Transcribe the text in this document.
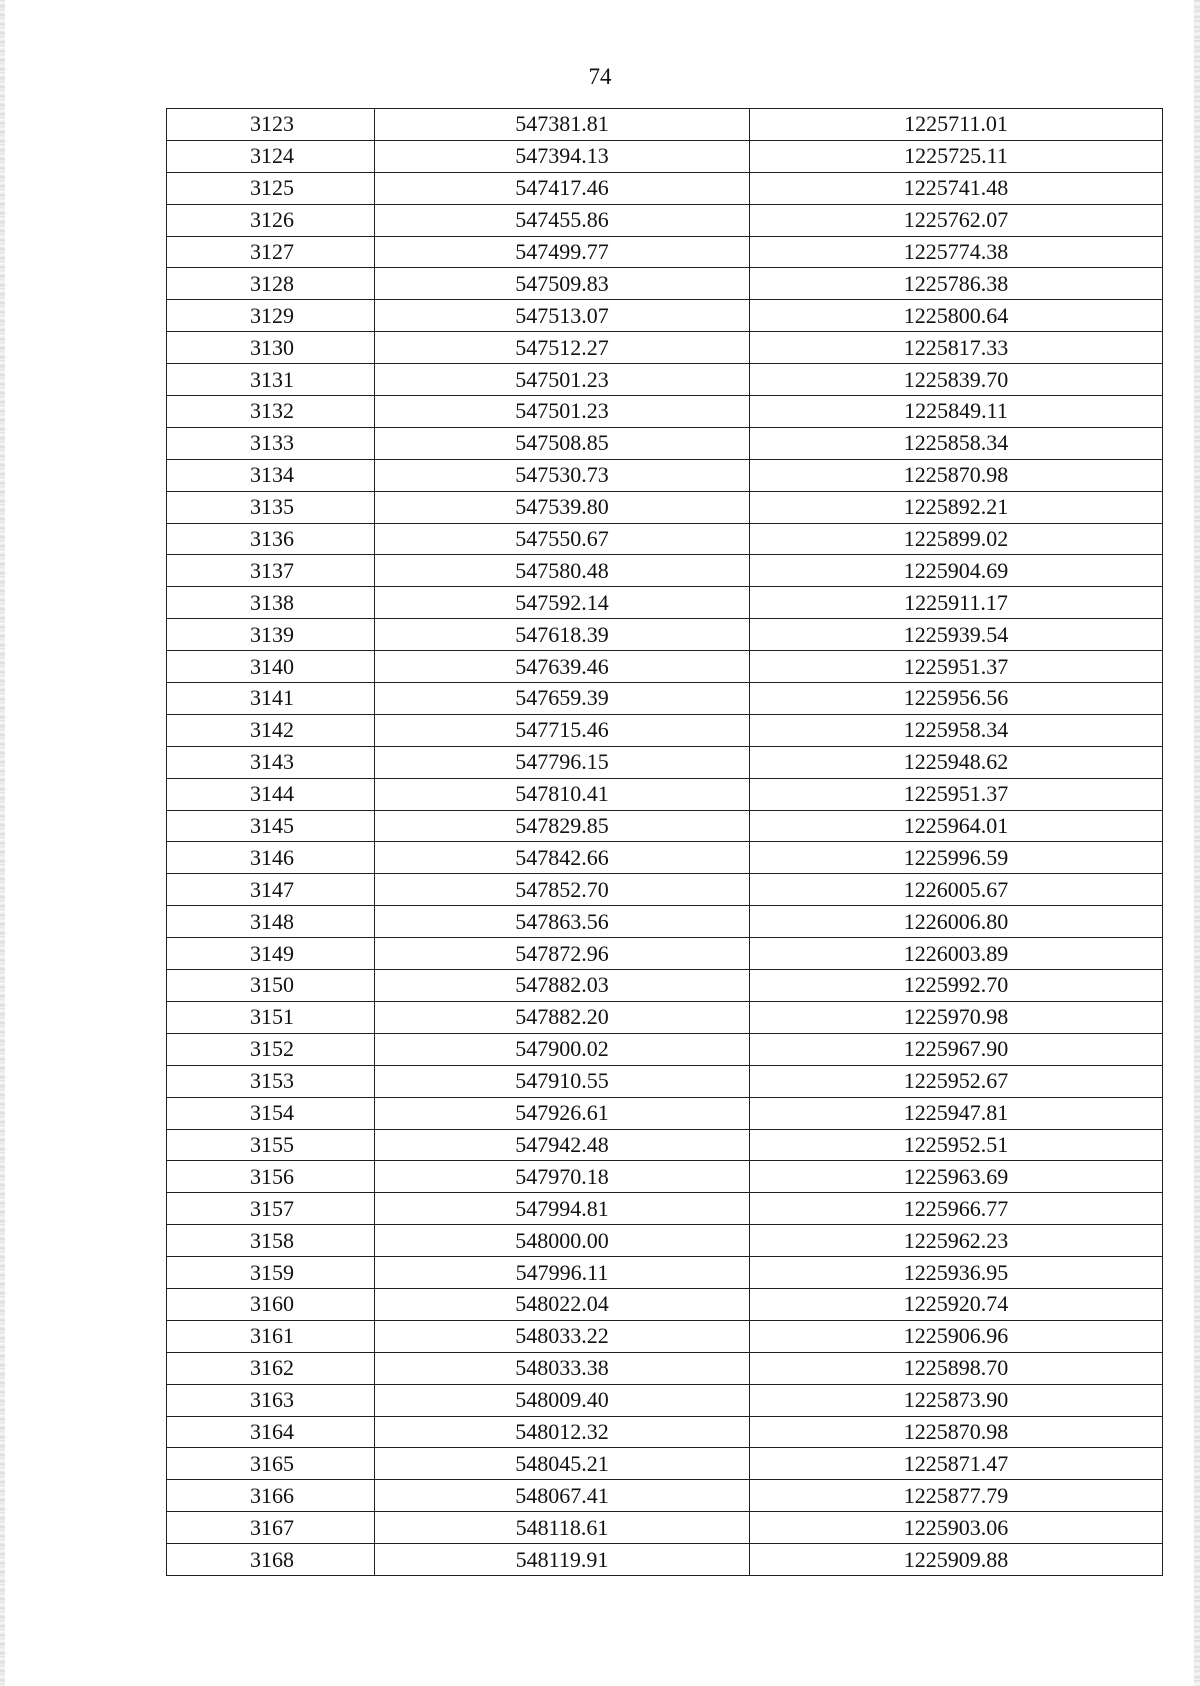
74
3123	547381.81	1225711.01
3124	547394.13	1225725.11
3125	547417.46	1225741.48
3126	547455.86	1225762.07
3127	547499.77	1225774.38
3128	547509.83	1225786.38
3129	547513.07	1225800.64
3130	547512.27	1225817.33
3131	547501.23	1225839.70
3132	547501.23	1225849.11
3133	547508.85	1225858.34
3134	547530.73	1225870.98
3135	547539.80	1225892.21
3136	547550.67	1225899.02
3137	547580.48	1225904.69
3138	547592.14	1225911.17
3139	547618.39	1225939.54
3140	547639.46	1225951.37
3141	547659.39	1225956.56
3142	547715.46	1225958.34
3143	547796.15	1225948.62
3144	547810.41	1225951.37
3145	547829.85	1225964.01
3146	547842.66	1225996.59
3147	547852.70	1226005.67
3148	547863.56	1226006.80
3149	547872.96	1226003.89
3150	547882.03	1225992.70
3151	547882.20	1225970.98
3152	547900.02	1225967.90
3153	547910.55	1225952.67
3154	547926.61	1225947.81
3155	547942.48	1225952.51
3156	547970.18	1225963.69
3157	547994.81	1225966.77
3158	548000.00	1225962.23
3159	547996.11	1225936.95
3160	548022.04	1225920.74
3161	548033.22	1225906.96
3162	548033.38	1225898.70
3163	548009.40	1225873.90
3164	548012.32	1225870.98
3165	548045.21	1225871.47
3166	548067.41	1225877.79
3167	548118.61	1225903.06
3168	548119.91	1225909.88
